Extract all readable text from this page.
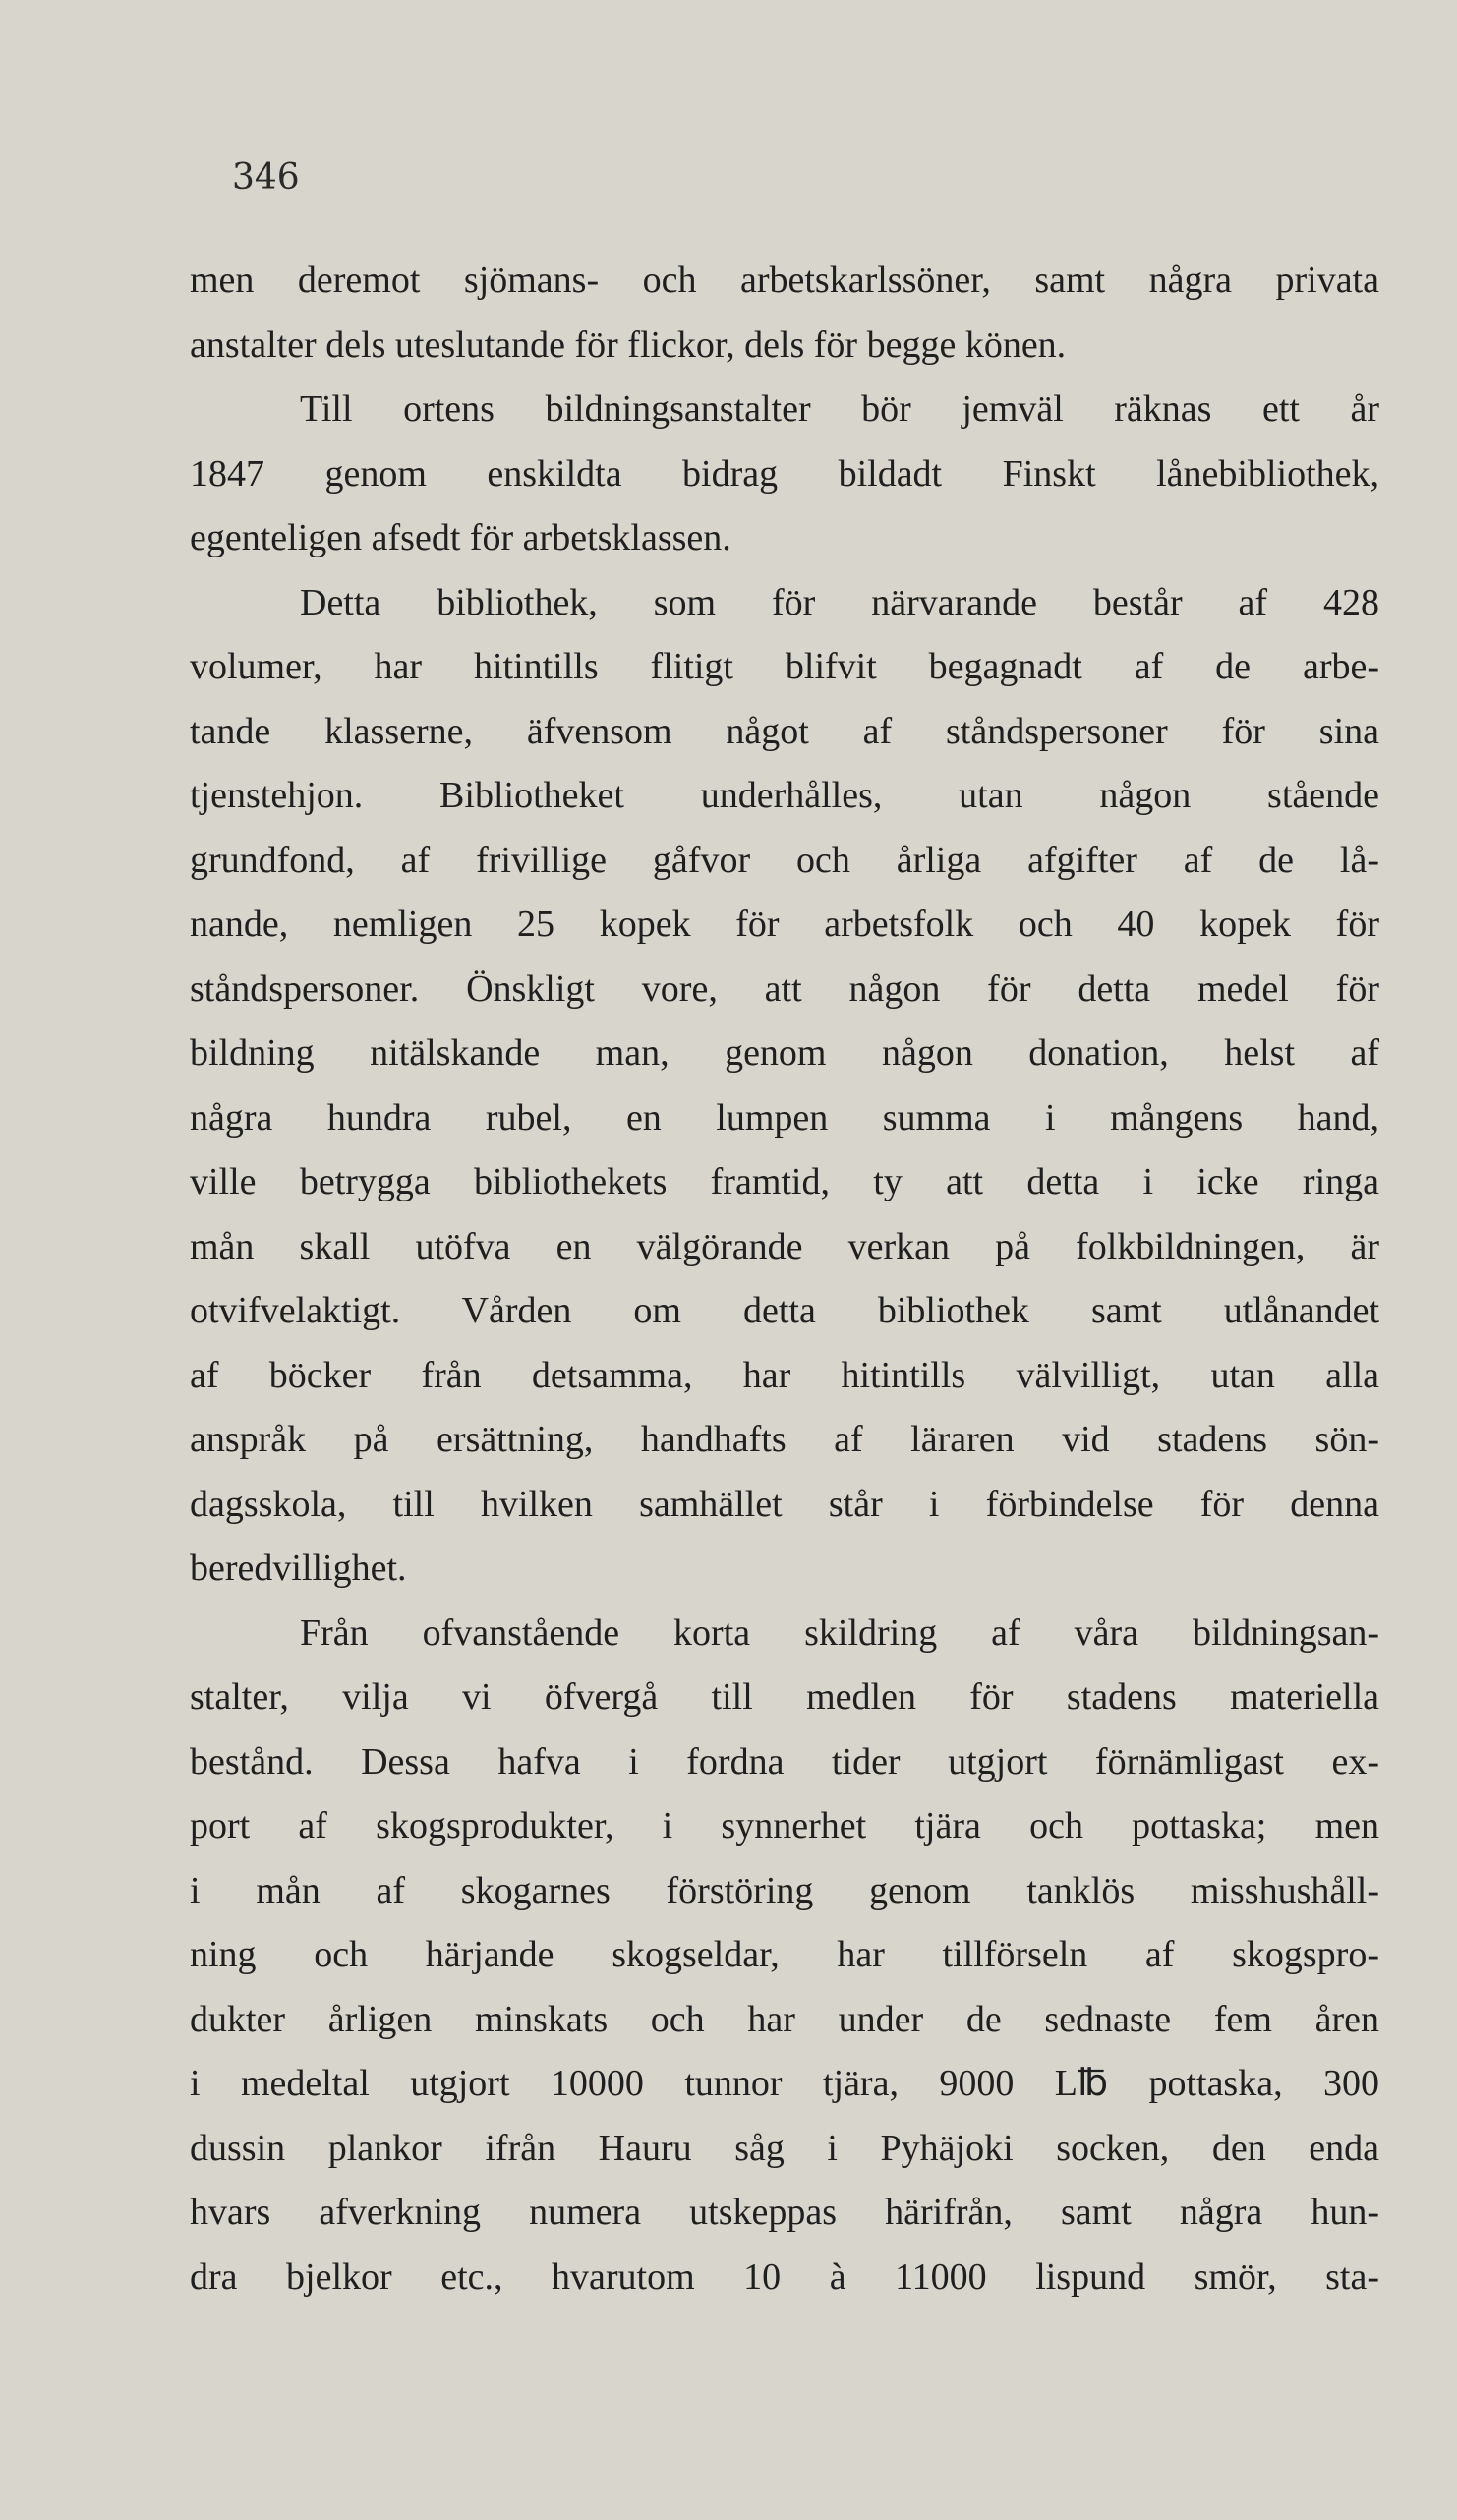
346
men deremot sjömans- och arbetskarlssöner, samt några privata
anstalter dels uteslutande för flickor, dels för begge könen.
Till ortens bildningsanstalter bör jemväl räknas ett år
1847 genom enskildta bidrag bildadt Finskt lånebibliothek,
egenteligen afsedt för arbetsklassen.
Detta bibliothek, som för närvarande består af 428
volumer, har hitintills flitigt blifvit begagnadt af de arbe-
tande klasserne, äfvensom något af ståndspersoner för sina
tjenstehjon. Bibliotheket underhålles, utan någon stående
grundfond, af frivillige gåfvor och årliga afgifter af de lå-
nande, nemligen 25 kopek för arbetsfolk och 40 kopek för
ståndspersoner. Önskligt vore, att någon för detta medel för
bildning nitälskande man, genom någon donation, helst af
några hundra rubel, en lumpen summa i mångens hand,
ville betrygga bibliothekets framtid, ty att detta i icke ringa
mån skall utöfva en välgörande verkan på folkbildningen, är
otvifvelaktigt. Vården om detta bibliothek samt utlånandet
af böcker från detsamma, har hitintills välvilligt, utan alla
anspråk på ersättning, handhafts af läraren vid stadens sön-
dagsskola, till hvilken samhället står i förbindelse för denna
beredvillighet.
Från ofvanstående korta skildring af våra bildningsan-
stalter, vilja vi öfvergå till medlen för stadens materiella
bestånd. Dessa hafva i fordna tider utgjort förnämligast ex-
port af skogsprodukter, i synnerhet tjära och pottaska; men
i mån af skogarnes förstöring genom tanklös misshushåll-
ning och härjande skogseldar, har tillförseln af skogspro-
dukter årligen minskats och har under de sednaste fem åren
i medeltal utgjort 10000 tunnor tjära, 9000 L℔ pottaska, 300
dussin plankor ifrån Hauru såg i Pyhäjoki socken, den enda
hvars afverkning numera utskeppas härifrån, samt några hun-
dra bjelkor etc., hvarutom 10 à 11000 lispund smör, sta-
